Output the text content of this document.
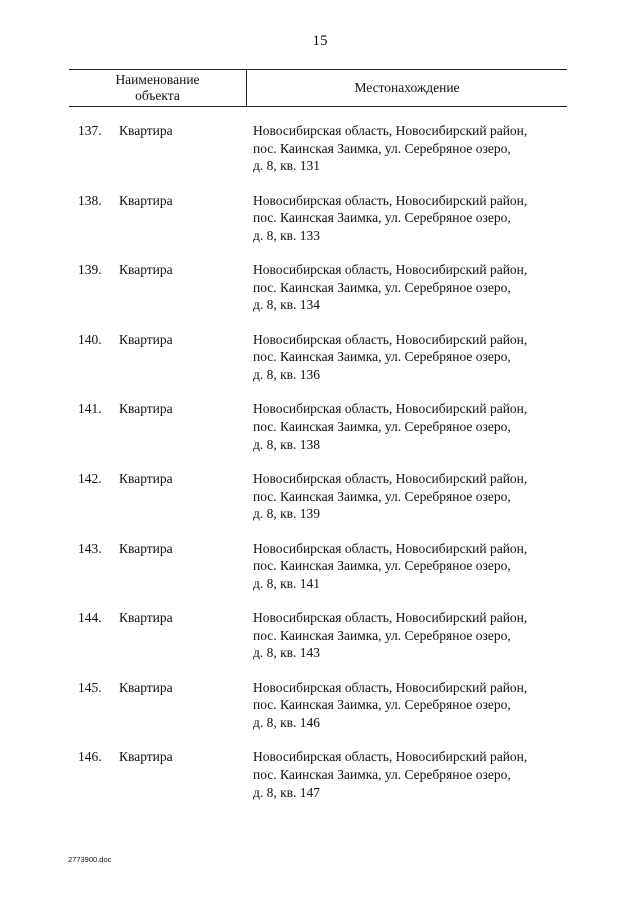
15
Наименование
объекта
Местонахождение
137.	Квартира	Новосибирская область, Новосибирский район,
пос. Каинская Заимка, ул. Серебряное озеро,
д. 8, кв. 131
138.	Квартира	Новосибирская область, Новосибирский район,
пос. Каинская Заимка, ул. Серебряное озеро,
д. 8, кв. 133
139.	Квартира	Новосибирская область, Новосибирский район,
пос. Каинская Заимка, ул. Серебряное озеро,
д. 8, кв. 134
140.	Квартира	Новосибирская область, Новосибирский район,
пос. Каинская Заимка, ул. Серебряное озеро,
д. 8, кв. 136
141.	Квартира	Новосибирская область, Новосибирский район,
пос. Каинская Заимка, ул. Серебряное озеро,
д. 8, кв. 138
142.	Квартира	Новосибирская область, Новосибирский район,
пос. Каинская Заимка, ул. Серебряное озеро,
д. 8, кв. 139
143.	Квартира	Новосибирская область, Новосибирский район,
пос. Каинская Заимка, ул. Серебряное озеро,
д. 8, кв. 141
144.	Квартира	Новосибирская область, Новосибирский район,
пос. Каинская Заимка, ул. Серебряное озеро,
д. 8, кв. 143
145.	Квартира	Новосибирская область, Новосибирский район,
пос. Каинская Заимка, ул. Серебряное озеро,
д. 8, кв. 146
146.	Квартира	Новосибирская область, Новосибирский район,
пос. Каинская Заимка, ул. Серебряное озеро,
д. 8, кв. 147
2773900.doc
